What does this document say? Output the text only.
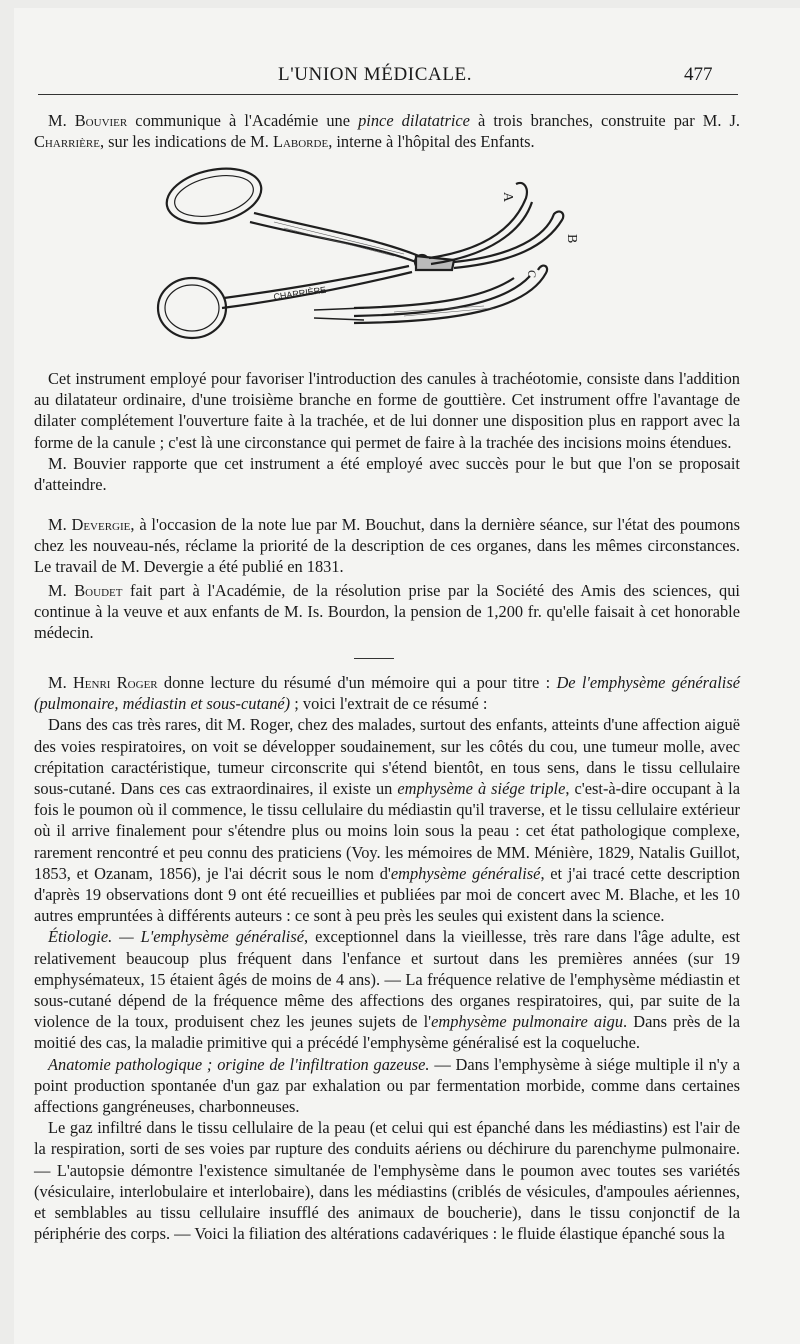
L'UNION MÉDICALE.	477

M. Bouvier communique à l'Académie une pince dilatatrice à trois branches, construite par M. J. Charrière, sur les indications de M. Laborde, interne à l'hôpital des Enfants.

CHARRIÈRE
A
B
C

Cet instrument employé pour favoriser l'introduction des canules à trachéotomie, consiste dans l'addition au dilatateur ordinaire, d'une troisième branche en forme de gouttière. Cet instrument offre l'avantage de dilater complétement l'ouverture faite à la trachée, et de lui donner une disposition plus en rapport avec la forme de la canule ; c'est là une circonstance qui permet de faire à la trachée des incisions moins étendues.

M. Bouvier rapporte que cet instrument a été employé avec succès pour le but que l'on se proposait d'atteindre.

M. Devergie, à l'occasion de la note lue par M. Bouchut, dans la dernière séance, sur l'état des poumons chez les nouveau-nés, réclame la priorité de la description de ces organes, dans les mêmes circonstances. Le travail de M. Devergie a été publié en 1831.

M. Boudet fait part à l'Académie, de la résolution prise par la Société des Amis des sciences, qui continue à la veuve et aux enfants de M. Is. Bourdon, la pension de 1,200 fr. qu'elle faisait à cet honorable médecin.

M. Henri Roger donne lecture du résumé d'un mémoire qui a pour titre : De l'emphysème généralisé (pulmonaire, médiastin et sous-cutané) ; voici l'extrait de ce résumé :

Dans des cas très rares, dit M. Roger, chez des malades, surtout des enfants, atteints d'une affection aiguë des voies respiratoires, on voit se développer soudainement, sur les côtés du cou, une tumeur molle, avec crépitation caractéristique, tumeur circonscrite qui s'étend bientôt, en tous sens, dans le tissu cellulaire sous-cutané. Dans ces cas extraordinaires, il existe un emphysème à siége triple, c'est-à-dire occupant à la fois le poumon où il commence, le tissu cellulaire du médiastin qu'il traverse, et le tissu cellulaire extérieur où il arrive finalement pour s'étendre plus ou moins loin sous la peau : cet état pathologique complexe, rarement rencontré et peu connu des praticiens (Voy. les mémoires de MM. Ménière, 1829, Natalis Guillot, 1853, et Ozanam, 1856), je l'ai décrit sous le nom d'emphysème généralisé, et j'ai tracé cette description d'après 19 observations dont 9 ont été recueillies et publiées par moi de concert avec M. Blache, et les 10 autres empruntées à différents auteurs : ce sont à peu près les seules qui existent dans la science.

Étiologie. — L'emphysème généralisé, exceptionnel dans la vieillesse, très rare dans l'âge adulte, est relativement beaucoup plus fréquent dans l'enfance et surtout dans les premières années (sur 19 emphysémateux, 15 étaient âgés de moins de 4 ans). — La fréquence relative de l'emphysème médiastin et sous-cutané dépend de la fréquence même des affections des organes respiratoires, qui, par suite de la violence de la toux, produisent chez les jeunes sujets de l'emphysème pulmonaire aigu. Dans près de la moitié des cas, la maladie primitive qui a précédé l'emphysème généralisé est la coqueluche.

Anatomie pathologique ; origine de l'infiltration gazeuse. — Dans l'emphysème à siége multiple il n'y a point production spontanée d'un gaz par exhalation ou par fermentation morbide, comme dans certaines affections gangréneuses, charbonneuses.

Le gaz infiltré dans le tissu cellulaire de la peau (et celui qui est épanché dans les médiastins) est l'air de la respiration, sorti de ses voies par rupture des conduits aériens ou déchirure du parenchyme pulmonaire. — L'autopsie démontre l'existence simultanée de l'emphysème dans le poumon avec toutes ses variétés (vésiculaire, interlobulaire et interlobaire), dans les médiastins (criblés de vésicules, d'ampoules aériennes, et semblables au tissu cellulaire insufflé des animaux de boucherie), dans le tissu conjonctif de la périphérie des corps. — Voici la filiation des altérations cadavériques : le fluide élastique épanché sous la
